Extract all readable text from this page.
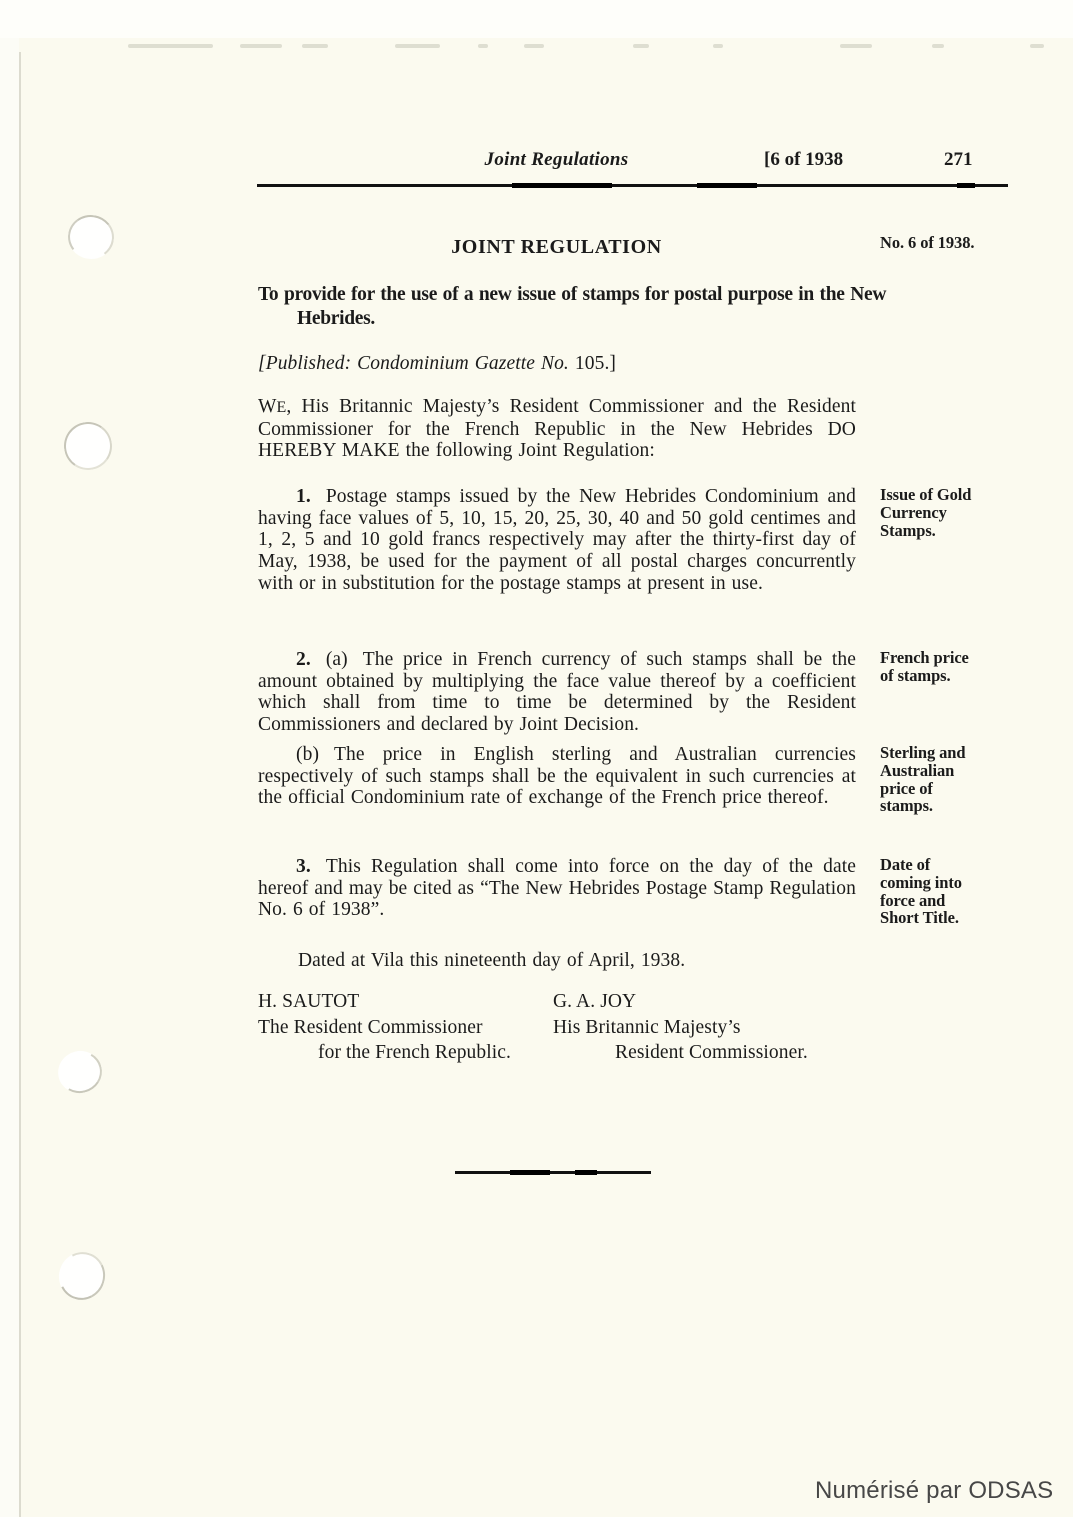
Joint Regulations	[6 of 1938	271
JOINT REGULATION	No. 6 of 1938.
To provide for the use of a new issue of stamps for postal purpose in the New Hebrides.
[Published: Condominium Gazette No. 105.]
WE, His Britannic Majesty’s Resident Commissioner and the Resident Commissioner for the French Republic in the New Hebrides DO HEREBY MAKE the following Joint Regulation:
1. Postage stamps issued by the New Hebrides Condominium and having face values of 5, 10, 15, 20, 25, 30, 40 and 50 gold centimes and 1, 2, 5 and 10 gold francs respectively may after the thirty-first day of May, 1938, be used for the payment of all postal charges concurrently with or in substitution for the postage stamps at present in use.
Issue of Gold Currency Stamps.
2. (a) The price in French currency of such stamps shall be the amount obtained by multiplying the face value thereof by a coefficient which shall from time to time be determined by the Resident Commissioners and declared by Joint Decision.
French price of stamps.
(b) The price in English sterling and Australian currencies respectively of such stamps shall be the equivalent in such currencies at the official Condominium rate of exchange of the French price thereof.
Sterling and Australian price of stamps.
3. This Regulation shall come into force on the day of the date hereof and may be cited as “The New Hebrides Postage Stamp Regulation No. 6 of 1938”.
Date of coming into force and Short Title.
Dated at Vila this nineteenth day of April, 1938.
H. SAUTOT
The Resident Commissioner
for the French Republic.
G. A. JOY
His Britannic Majesty’s
Resident Commissioner.
Numérisé par ODSAS
